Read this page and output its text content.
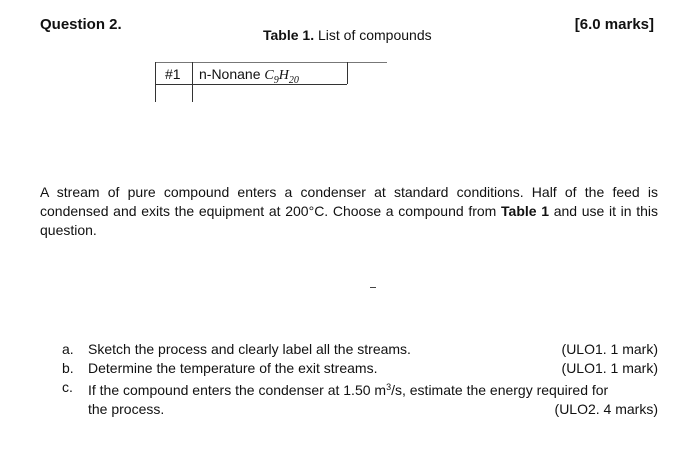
Question 2.	[6.0 marks]
Table 1. List of compounds
#1 n-Nonane $C_9H_{20}$
A stream of pure compound enters a condenser at standard conditions. Half of the feed is condensed and exits the equipment at 200°C. Choose a compound from Table 1 and use it in this question.
a.	Sketch the process and clearly label all the streams.	(ULO1. 1 mark)
b.	Determine the temperature of the exit streams.	(ULO1. 1 mark)
c.	If the compound enters the condenser at 1.50 $m^3/s$, estimate the energy required for
the process.	(ULO2. 4 marks)
